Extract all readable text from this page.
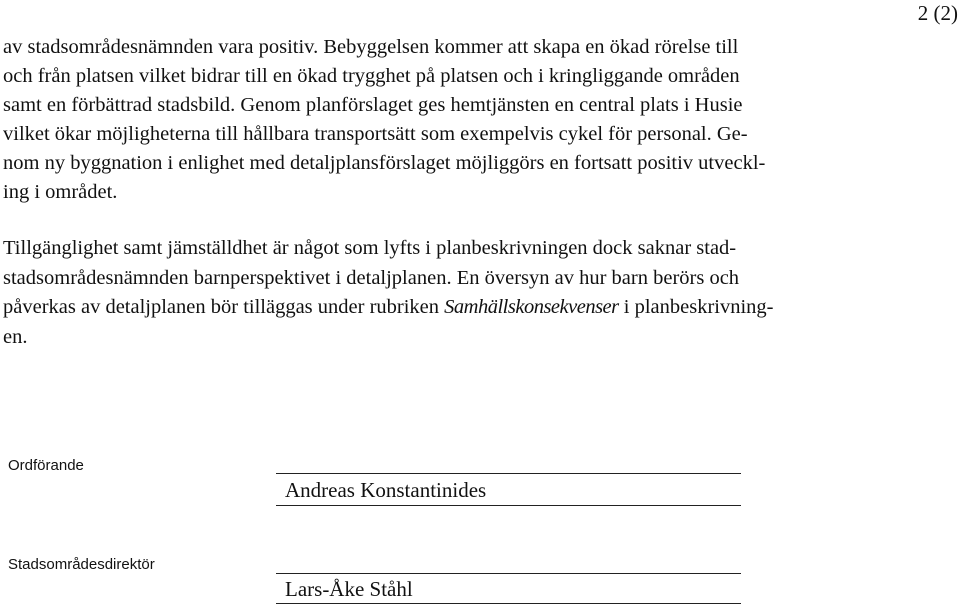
2 (2)
av stadsområdesnämnden vara positiv. Bebyggelsen kommer att skapa en ökad rörelse till
och från platsen vilket bidrar till en ökad trygghet på platsen och i kringliggande områden
samt en förbättrad stadsbild. Genom planförslaget ges hemtjänsten en central plats i Husie
vilket ökar möjligheterna till hållbara transportsätt som exempelvis cykel för personal. Ge-
nom ny byggnation i enlighet med detaljplansförslaget möjliggörs en fortsatt positiv utveckl-
ing i området.
Tillgänglighet samt jämställdhet är något som lyfts i planbeskrivningen dock saknar stad-
stadsområdesnämnden barnperspektivet i detaljplanen. En översyn av hur barn berörs och
påverkas av detaljplanen bör tilläggas under rubriken Samhällskonsekvenser i planbeskrivning-
en.
Ordförande
Andreas Konstantinides
Stadsområdesdirektör
Lars-Åke Ståhl
